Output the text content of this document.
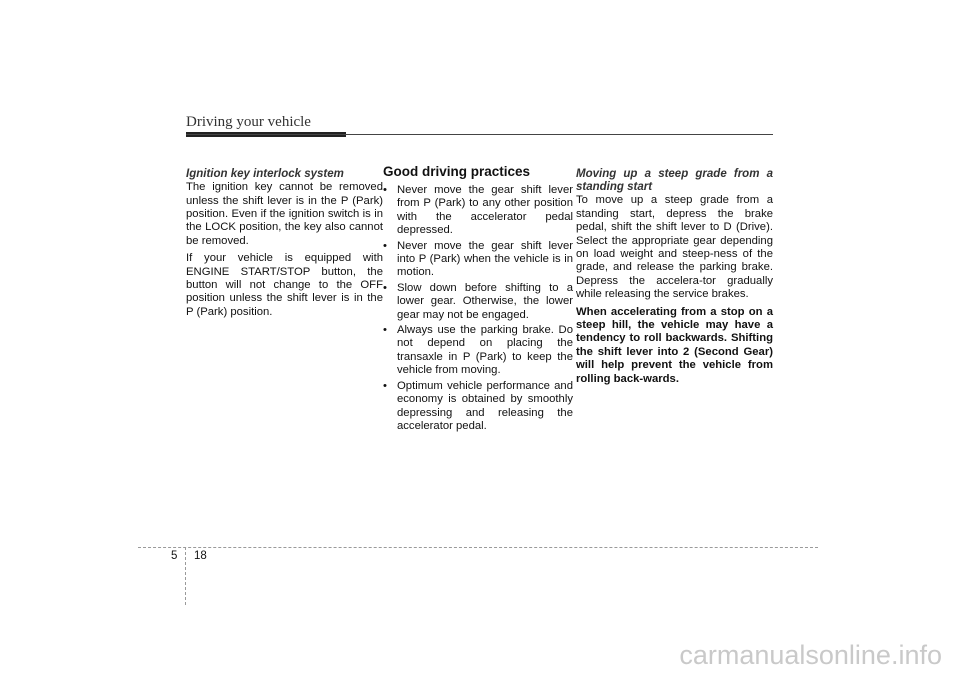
Driving your vehicle

Ignition key interlock system

The ignition key cannot be removed unless the shift lever is in the P (Park) position. Even if the ignition switch is in the LOCK position, the key also cannot be removed.

If your vehicle is equipped with ENGINE START/STOP button, the button will not change to the OFF position unless the shift lever is in the P (Park) position.

Good driving practices

• Never move the gear shift lever from P (Park) to any other position with the accelerator pedal depressed.
• Never move the gear shift lever into P (Park) when the vehicle is in motion.
• Slow down before shifting to a lower gear. Otherwise, the lower gear may not be engaged.
• Always use the parking brake. Do not depend on placing the transaxle in P (Park) to keep the vehicle from moving.
• Optimum vehicle performance and economy is obtained by smoothly depressing and releasing the accelerator pedal.

Moving up a steep grade from a standing start

To move up a steep grade from a standing start, depress the brake pedal, shift the shift lever to D (Drive). Select the appropriate gear depending on load weight and steep-ness of the grade, and release the parking brake. Depress the accelera-tor gradually while releasing the service brakes.

When accelerating from a stop on a steep hill, the vehicle may have a tendency to roll backwards. Shifting the shift lever into 2 (Second Gear) will help prevent the vehicle from rolling back-wards.

5 18
carmanualsonline.info
